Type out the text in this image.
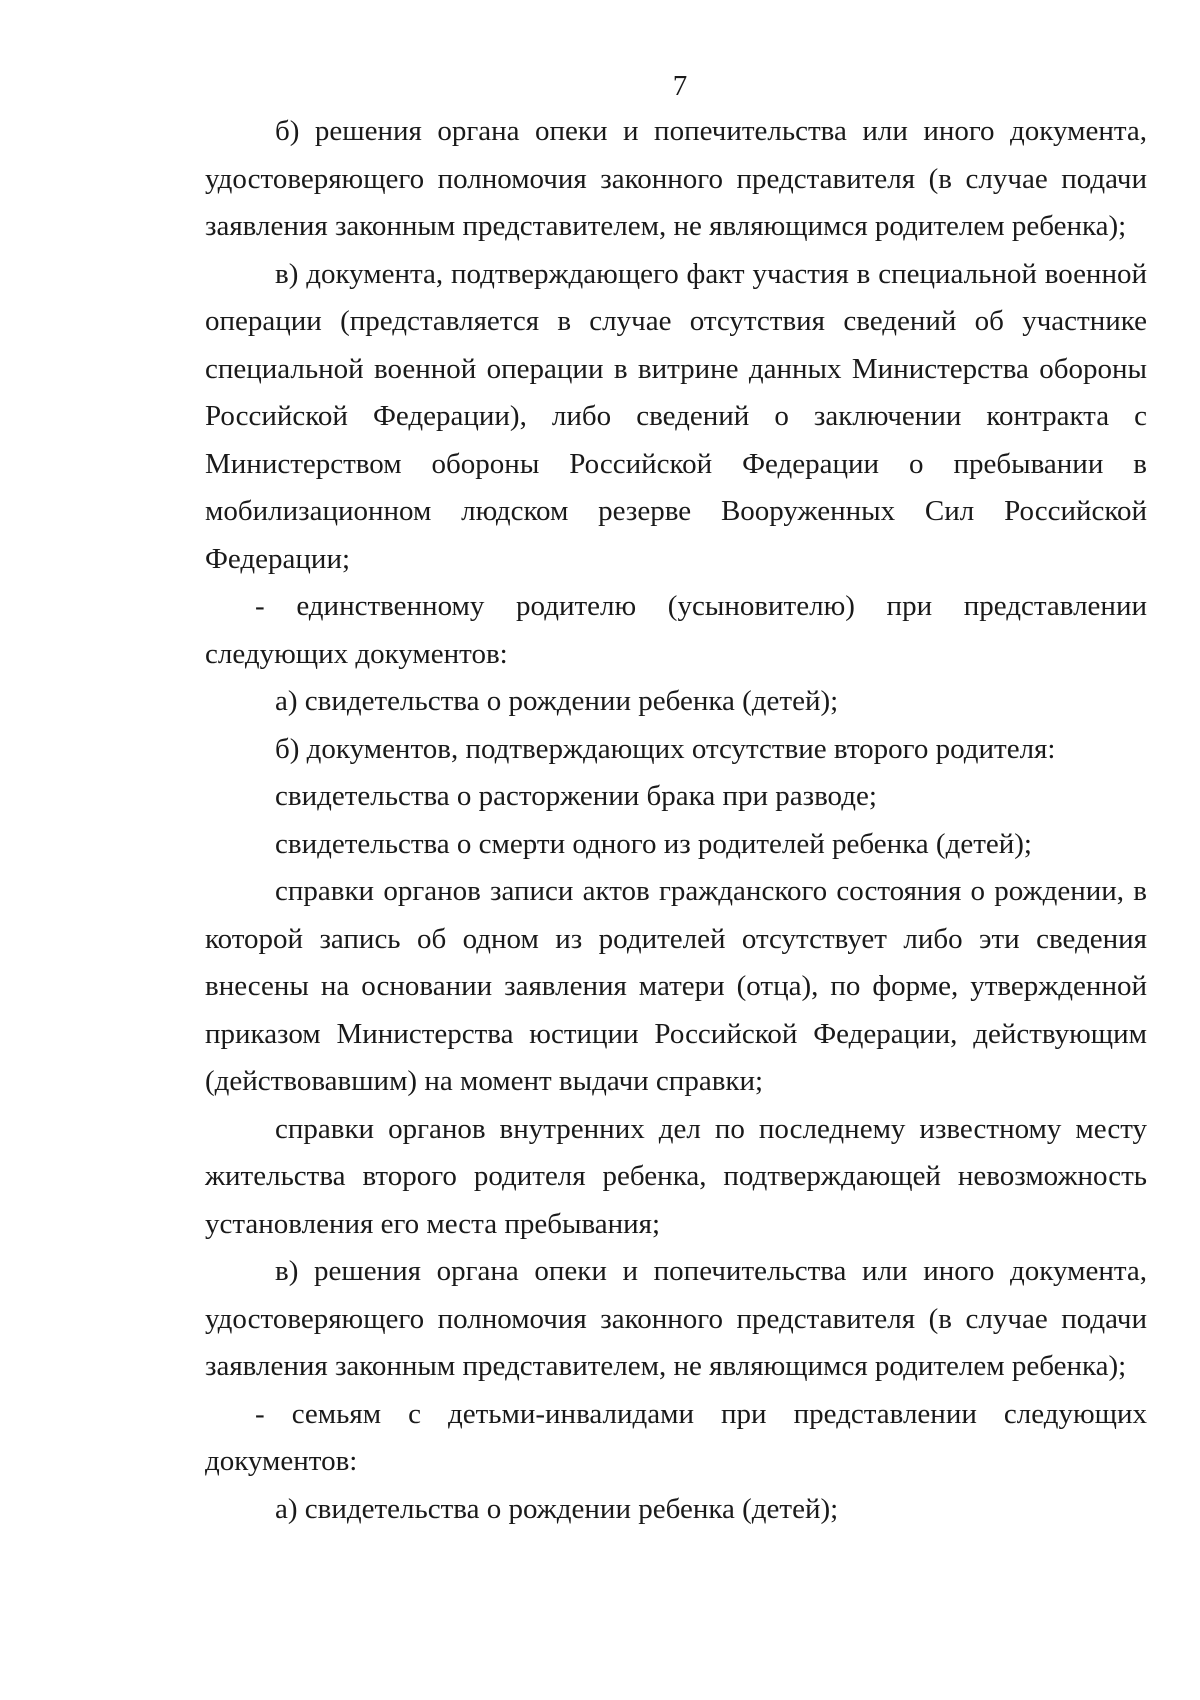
7

б) решения органа опеки и попечительства или иного документа, удостоверяющего полномочия законного представителя (в случае подачи заявления законным представителем, не являющимся родителем ребенка);

в) документа, подтверждающего факт участия в специальной военной операции (представляется в случае отсутствия сведений об участнике специальной военной операции в витрине данных Министерства обороны Российской Федерации), либо сведений о заключении контракта с Министерством обороны Российской Федерации о пребывании в мобилизационном людском резерве Вооруженных Сил Российской Федерации;

- единственному родителю (усыновителю) при представлении следующих документов:

а) свидетельства о рождении ребенка (детей);

б) документов, подтверждающих отсутствие второго родителя:

свидетельства о расторжении брака при разводе;

свидетельства о смерти одного из родителей ребенка (детей);

справки органов записи актов гражданского состояния о рождении, в которой запись об одном из родителей отсутствует либо эти сведения внесены на основании заявления матери (отца), по форме, утвержденной приказом Министерства юстиции Российской Федерации, действующим (действовавшим) на момент выдачи справки;

справки органов внутренних дел по последнему известному месту жительства второго родителя ребенка, подтверждающей невозможность установления его места пребывания;

в) решения органа опеки и попечительства или иного документа, удостоверяющего полномочия законного представителя (в случае подачи заявления законным представителем, не являющимся родителем ребенка);

- семьям с детьми-инвалидами при представлении следующих документов:

а) свидетельства о рождении ребенка (детей);
